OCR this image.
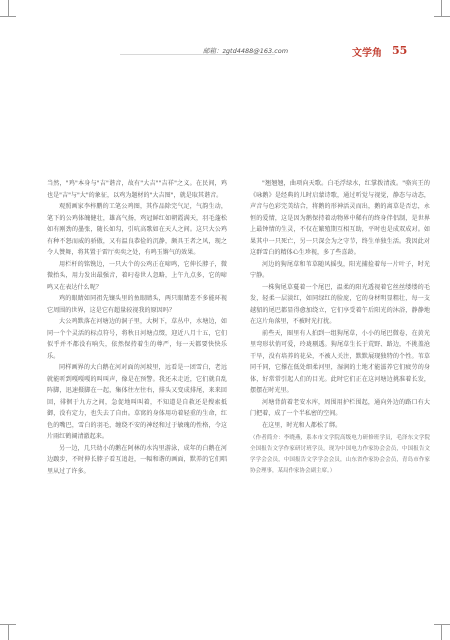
邮箱：zgtd4488@163.com	文学角 55

当然，"鸡"本身与"吉"谐音，故有"大吉""吉祥"之义。在民间，鸡也是"吉"与"大"的象征，以鸡为题材的"大吉图"，就是取其谐音。

观照画家李梓鹏的工笔公鸡图，其作品除完气足，气韵生动，笔下的公鸡体魄健壮，雄高气扬，鸡冠鲜红如朝霞满天，羽毛蓬松如有刚劲的墨张，随长如勾，引吭高歌如在天人之间。这只大公鸡有种不怒而威的骄傲，又有温良恭俭的沉静，颇具王者之风，现之令人赞舞，将其置于雷厅奕奕之处，有鸣玉锵气的效果。

用栏杆的铭镌边，一只大个的公鸡正在啼鸣，它伸长脖子，微微抬头，用力发出最强音，着叼卷世人忽略，上午九点多，它的啼鸣又在表达什么呢？

鸡的眼睛如同祖先镶头里的鱼眼睛头，两只眼睛差不多能环视它周围的世界，这是它有超量较视我的原因吗？

大公鸡默落在河塘边的洞子里，大树下，草丛中，水塘边，如同一个个灵活的标点符号，将秋日河塘点缀，迎近八月十五，它们似乎并不都没有响失，依然保持着生的尊严，每一天都要快快乐乐。

同样画界的大白鹅在河对面的河坡里，远看是一团雪白，老远就能听到嘎嘎嘎的叫叫声，像是在预警。我还未走近，它们就自乱阵脚，迅速摄脚在一起，集体往左往右，排头又变成排尾，来来回回，徘徊于九方之间，急促地叫叫着，不知道是自救还是搜索抵御，没有定力，也失去了自由。草窝的身体用功着轻重的生命，红色的嘴巴，雪白的羽毛，缠绕不安的神经和过于敏瑰的性格，令这片雨红鹤阔清澈起来。

另一边，几只幼小的鹅在阿林的水沟里游泳，成年的白鹅在河边踱步，不时伸长脖子看互追赶，一幅和谐的画面，默养的它们唱里从过了许多。

"翘翘翘，曲项向天歌。白毛浮绿水，红掌拨清波。"骆宾王的《咏鹅》是经典的儿时启蒙诗歌，通过听觉与视觉，静态与动态，声音与色彩完美结合，将鹅的形神活灵而出，鹅的离草是否忠，永恒的爱情，这是因为鹅保持着动物界中稀有的终身伴侣制，是世界上最钟情的生灵，不仅在繁殖期互相互助，平时也是成双成对。如果其中一只死亡，另一只深会为之守节，终生单独生活。我因此对这群雪白的精体心生珍视，多了些喜龄。

河边的狗尾草和苇草随风摇曳，阳光捕捡着每一片叶子，时光宁静。

一株狗尾草蔓着一个尾巴，温柔的阳光透视着它丝丝缕缕的毛发，轻柔一层淡红，如同绿红的脸庞，它的身材明显粗壮，每一支越貂的尾巴都显得愈加绕立，它们享受着午后阳光的沐浴，静静地在这片角落里，不被时光打扰。

前些天，圈里有人拍到一组狗尾草，小小的尾巴微卷，在黄光里弯形状俏可爱，玲珑剔透。狗尾草生长于荒野、路边，不挑盖沧干旱，没有培养的花朵，不被人关注，默默展现独特的个性。苇草同千同，它撑在低处细柔河里，湿润的土地才能滋养它们疲劳的身体，好常常引起人们的目光。此时它们正在这河塘边挑准着长发，摆摆在时光里。

河塘背荫着老安水库，周围用护栏围起，通向外边的路口有大门把着，成了一个半私密的空间。

在这里，时光和人都松了绑。

（作者简介：李晓燕，系本市文学院高级电力研修班学员，毛泽东文学院全国报告文学作家研讨班学员，现为中国电力作家协会会员，中国报告文学学会会员，中国报告文学学会会员，山东省作家协会会员，青岛市作家协会理事，某局作家协会副主席。）
